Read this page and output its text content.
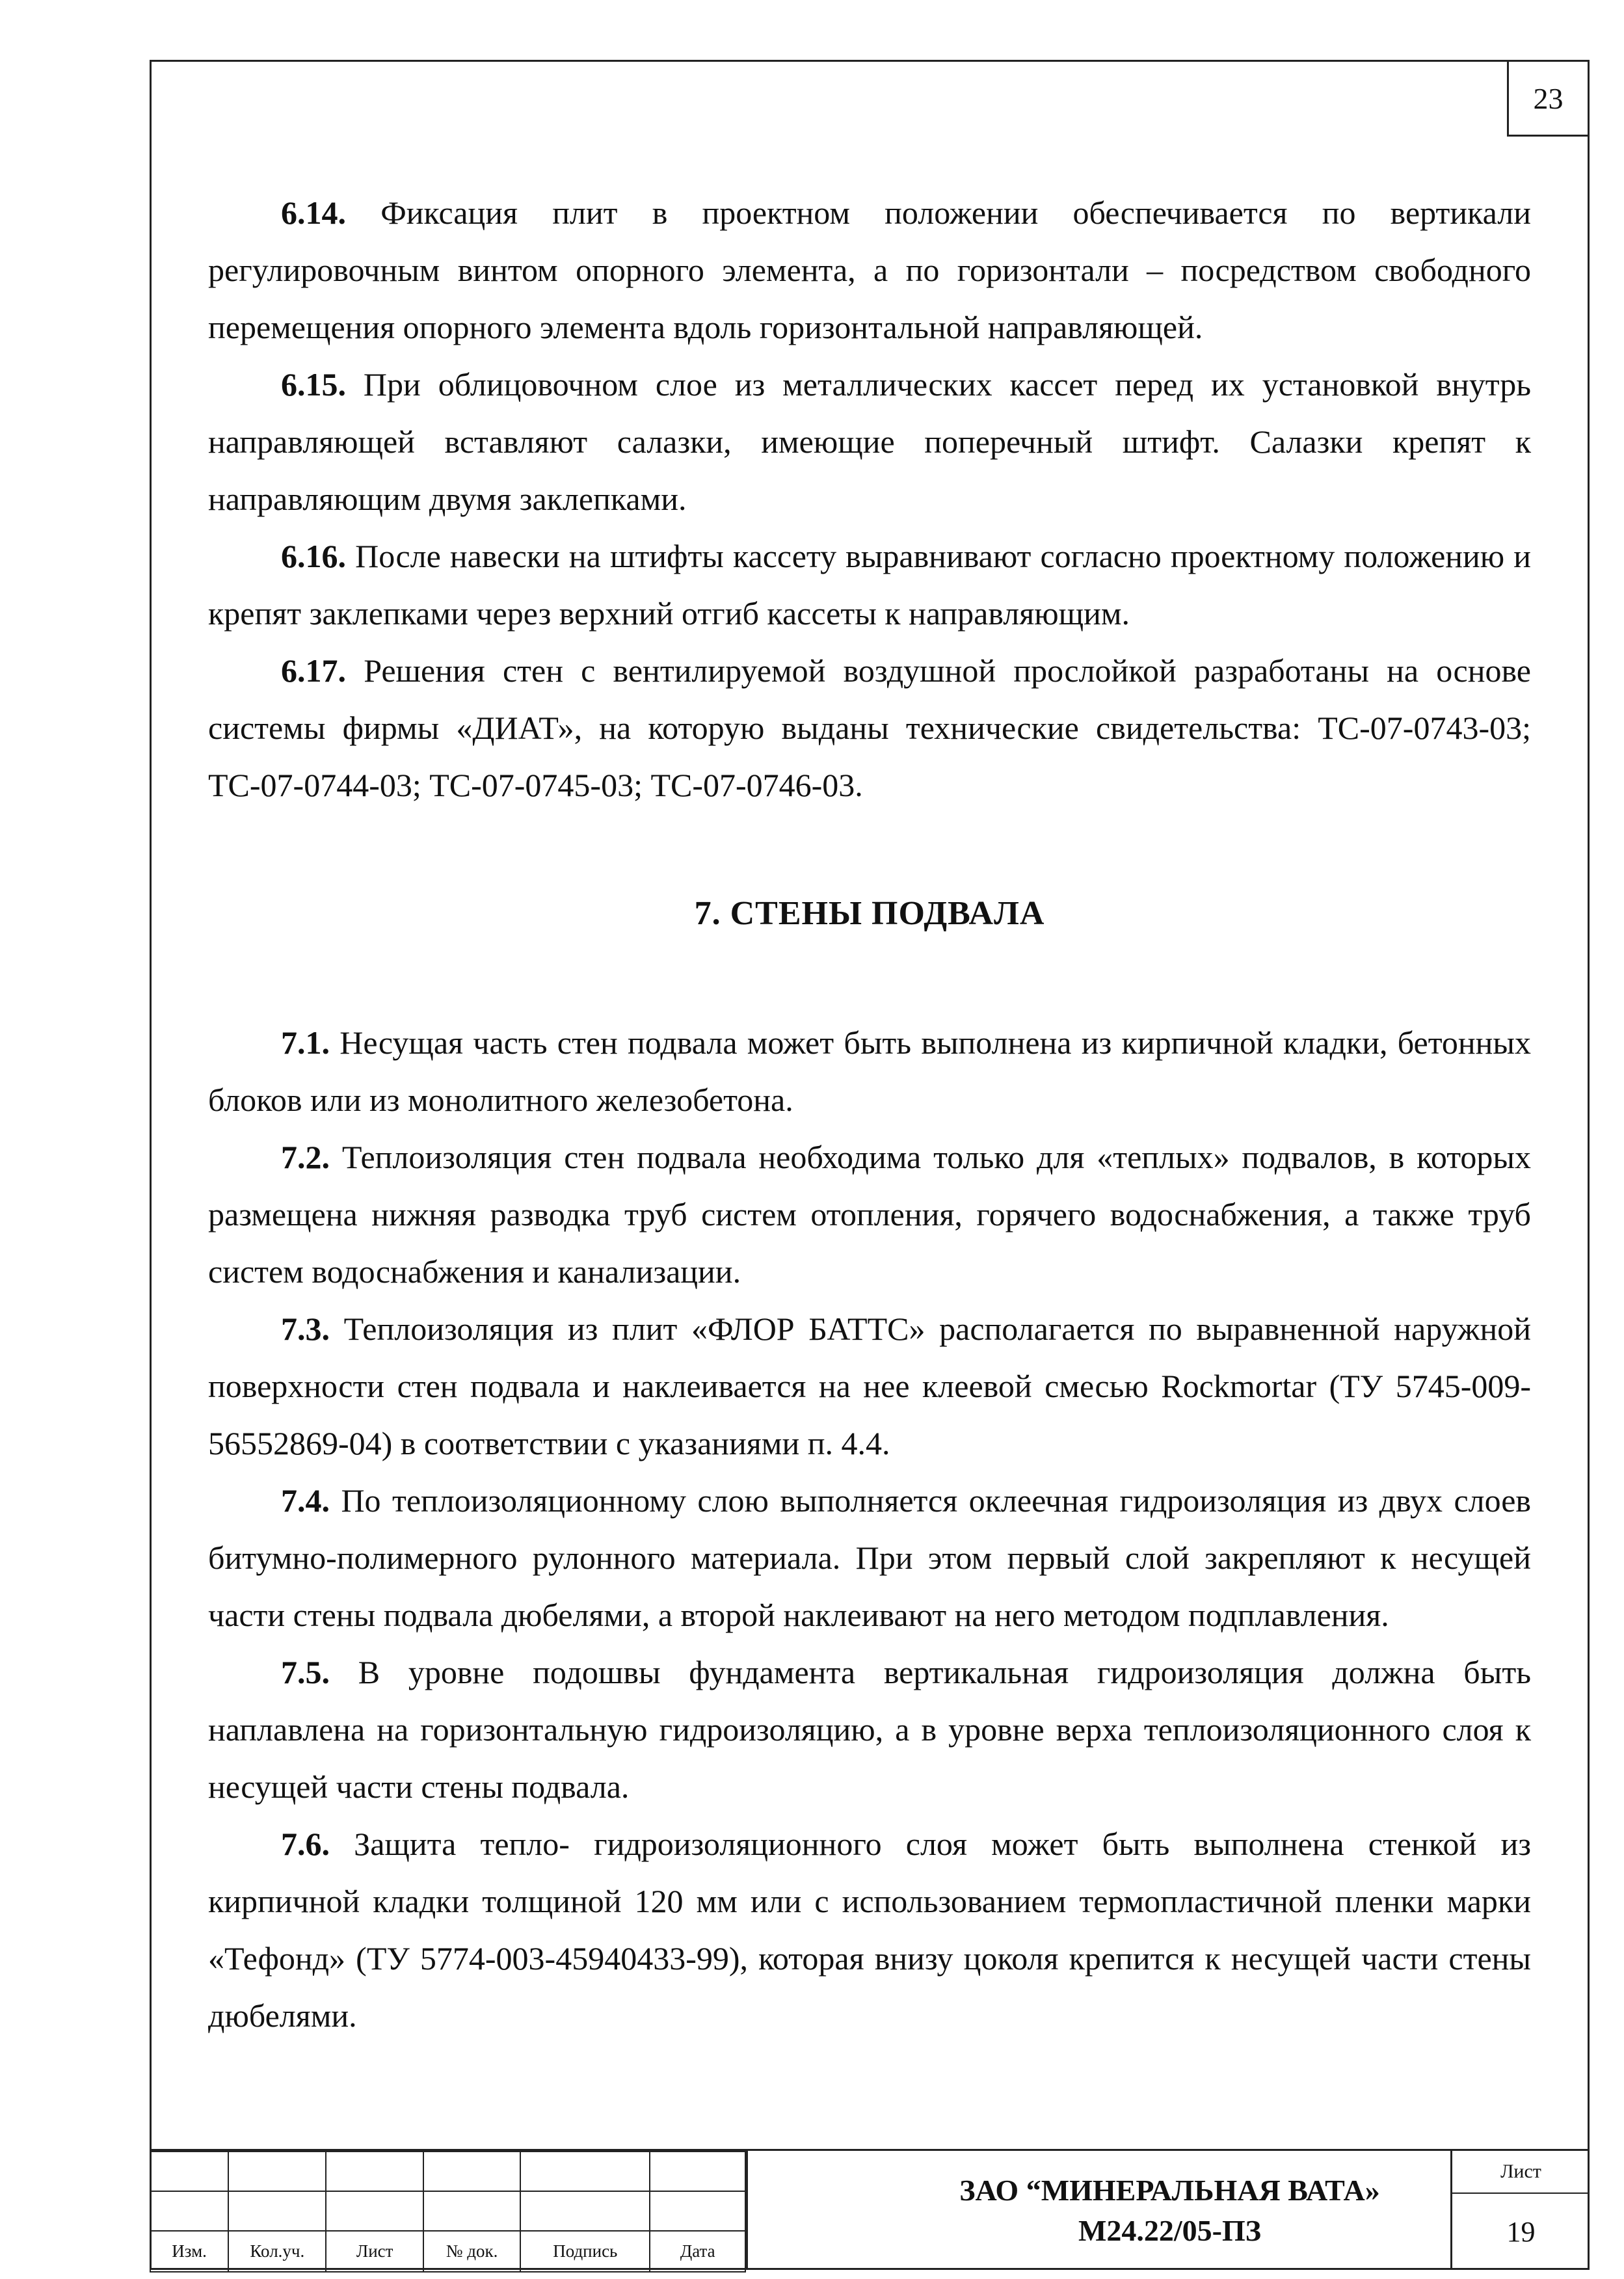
23

6.14. Фиксация плит в проектном положении обеспечивается по вертикали регулировочным винтом опорного элемента, а по горизонтали – посредством свободного перемещения опорного элемента вдоль горизонтальной направляющей.

6.15. При облицовочном слое из металлических кассет перед их установкой внутрь направляющей вставляют салазки, имеющие поперечный штифт. Салазки крепят к направляющим двумя заклепками.

6.16. После навески на штифты кассету выравнивают согласно проектному положению и крепят заклепками через верхний отгиб кассеты к направляющим.

6.17. Решения стен с вентилируемой воздушной прослойкой разработаны на основе системы фирмы «ДИАТ», на которую выданы технические свидетельства: ТС-07-0743-03; ТС-07-0744-03; ТС-07-0745-03; ТС-07-0746-03.

7. СТЕНЫ ПОДВАЛА

7.1. Несущая часть стен подвала может быть выполнена из кирпичной кладки, бетонных блоков или из монолитного железобетона.

7.2. Теплоизоляция стен подвала необходима только для «теплых» подвалов, в которых размещена нижняя разводка труб систем отопления, горячего водоснабжения, а также труб систем водоснабжения и канализации.

7.3. Теплоизоляция из плит «ФЛОР БАТТС» располагается по выравненной наружной поверхности стен подвала и наклеивается на нее клеевой смесью Rockmortar (ТУ 5745-009-56552869-04) в соответствии с указаниями п. 4.4.

7.4. По теплоизоляционному слою выполняется оклеечная гидроизоляция из двух слоев битумно-полимерного рулонного материала. При этом первый слой закрепляют к несущей части стены подвала дюбелями, а второй наклеивают на него методом подплавления.

7.5. В уровне подошвы фундамента вертикальная гидроизоляция должна быть наплавлена на горизонтальную гидроизоляцию, а в уровне верха теплоизоляционного слоя к несущей части стены подвала.

7.6. Защита тепло- гидроизоляционного слоя может быть выполнена стенкой из кирпичной кладки толщиной 120 мм или с использованием термопластичной пленки марки «Тефонд» (ТУ 5774-003-45940433-99), которая внизу цоколя крепится к несущей части стены дюбелями.

Изм.	Кол.уч.	Лист	№ док.	Подпись	Дата
ЗАО “МИНЕРАЛЬНАЯ ВАТА»
М24.22/05-ПЗ
Лист
19
